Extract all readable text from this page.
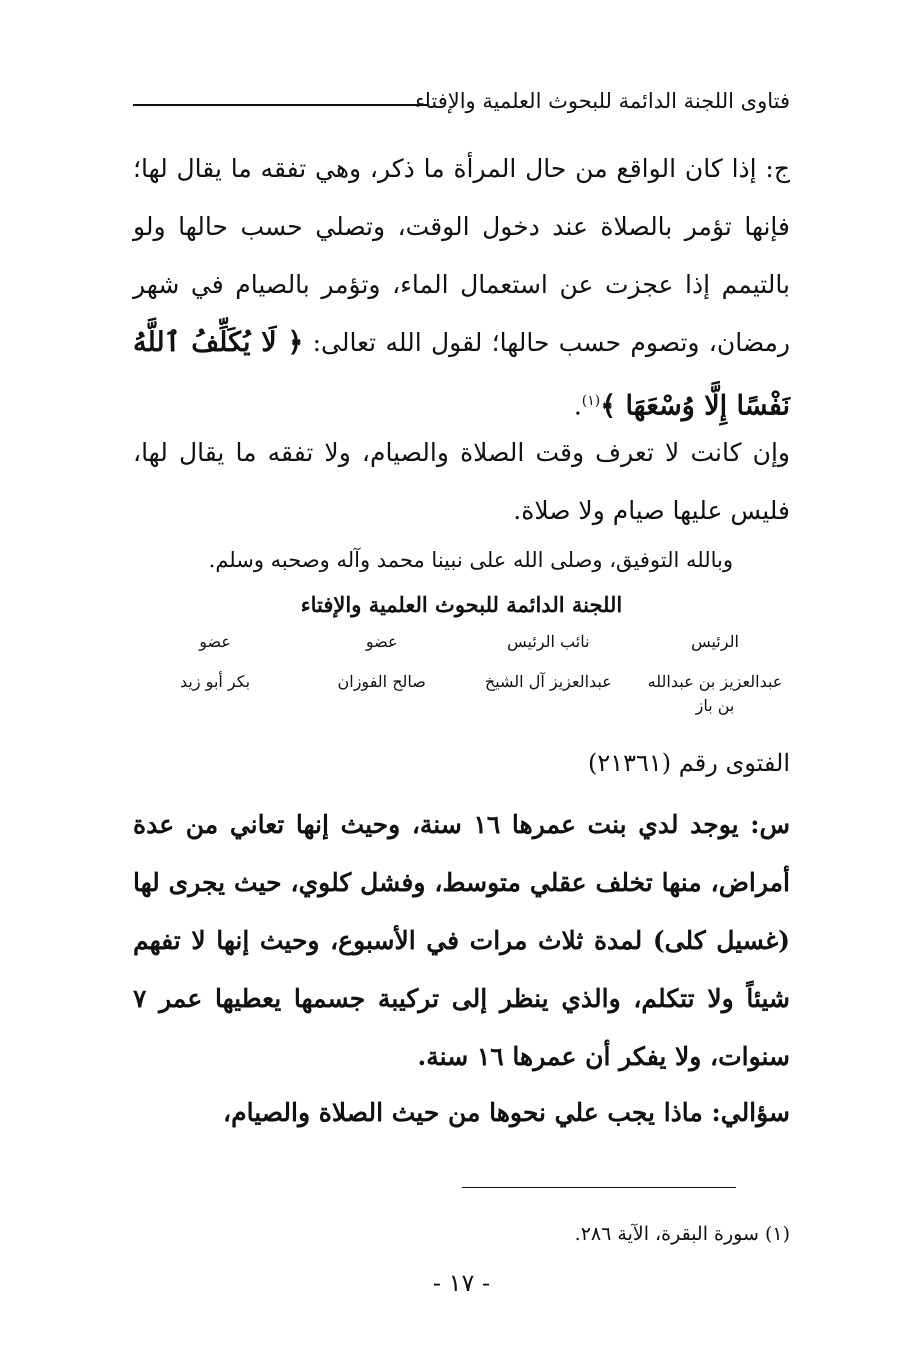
فتاوى اللجنة الدائمة للبحوث العلمية والإفتاء
ج: إذا كان الواقع من حال المرأة ما ذكر، وهي تفقه ما يقال لها؛ فإنها تؤمر بالصلاة عند دخول الوقت، وتصلي حسب حالها ولو بالتيمم إذا عجزت عن استعمال الماء، وتؤمر بالصيام في شهر رمضان، وتصوم حسب حالها؛ لقول الله تعالى: ﴿ لَا يُكَلِّفُ ٱللَّهُ نَفْسًا إِلَّا وُسْعَهَا ﴾$^{(١)}$.
وإن كانت لا تعرف وقت الصلاة والصيام، ولا تفقه ما يقال لها، فليس عليها صيام ولا صلاة.
وبالله التوفيق، وصلى الله على نبينا محمد وآله وصحبه وسلم.
اللجنة الدائمة للبحوث العلمية والإفتاء
الرئيس
نائب الرئيس
عضو
عضو
عبدالعزيز بن عبدالله بن باز
عبدالعزيز آل الشيخ
صالح الفوزان
بكر أبو زيد
الفتوى رقم (٢١٣٦١)
س: يوجد لدي بنت عمرها ١٦ سنة، وحيث إنها تعاني من عدة أمراض، منها تخلف عقلي متوسط، وفشل كلوي، حيث يجرى لها (غسيل كلى) لمدة ثلاث مرات في الأسبوع، وحيث إنها لا تفهم شيئاً ولا تتكلم، والذي ينظر إلى تركيبة جسمها يعطيها عمر ٧ سنوات، ولا يفكر أن عمرها ١٦ سنة.
سؤالي: ماذا يجب علي نحوها من حيث الصلاة والصيام،
(١) سورة البقرة، الآية ٢٨٦.
- ١٧ -
